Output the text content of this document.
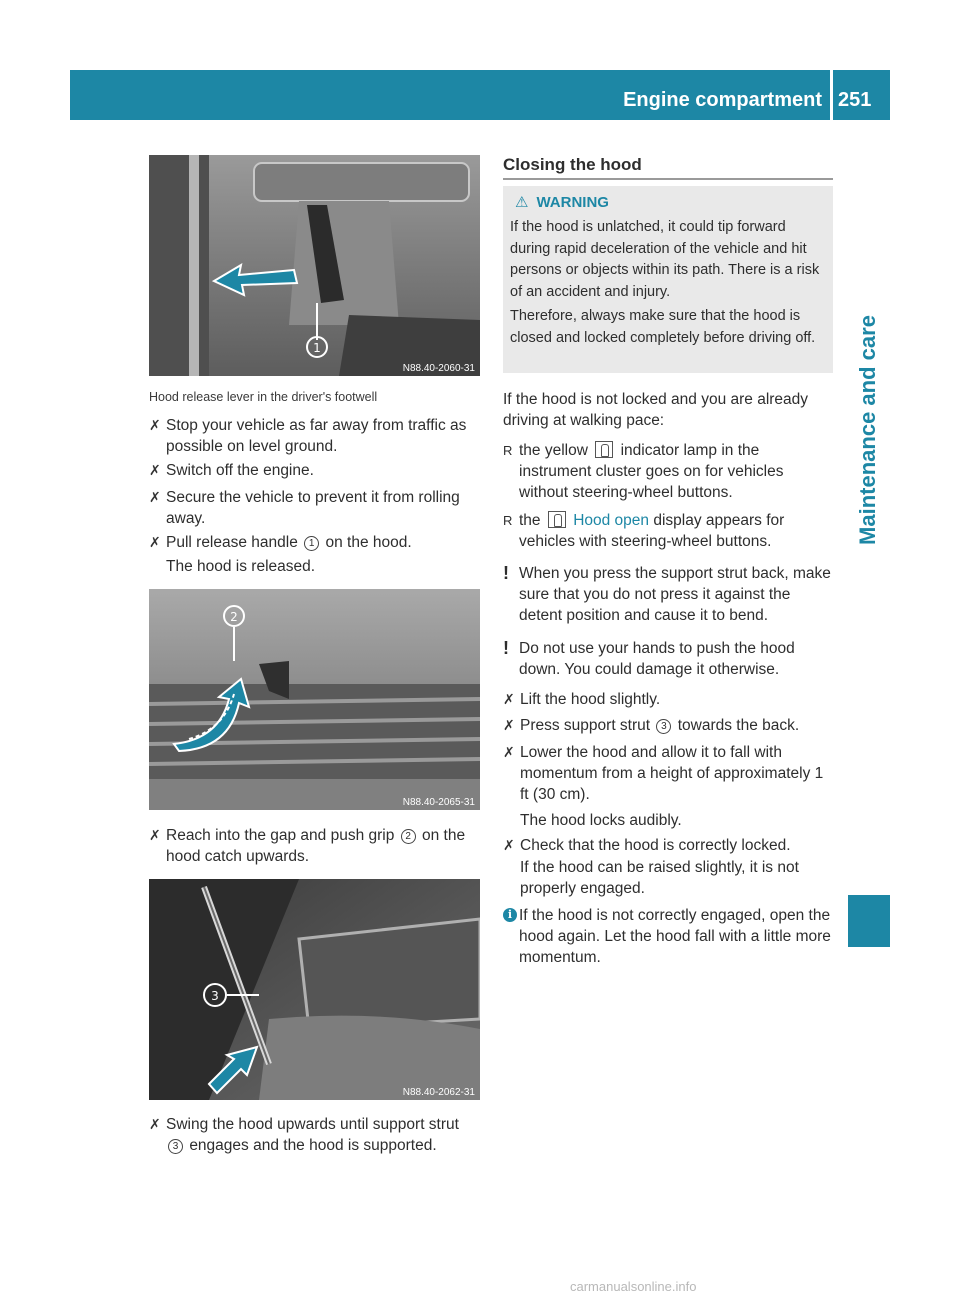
Engine compartment 251
Maintenance and care
1
N88.40-2060-31
Hood release lever in the driver's footwell
✗ Stop your vehicle as far away from traffic as possible on level ground.
✗ Switch off the engine.
✗ Secure the vehicle to prevent it from rolling away.
✗ Pull release handle 1 on the hood.
The hood is released.
2
N88.40-2065-31
✗ Reach into the gap and push grip 2 on the hood catch upwards.
3
N88.40-2062-31
✗ Swing the hood upwards until support strut 3 engages and the hood is supported.
Closing the hood
⚠ WARNING
If the hood is unlatched, it could tip forward during rapid deceleration of the vehicle and hit persons or objects within its path. There is a risk of an accident and injury.
Therefore, always make sure that the hood is closed and locked completely before driving off.
If the hood is not locked and you are already driving at walking pace:
R the yellow indicator lamp in the instrument cluster goes on for vehicles without steering-wheel buttons.
R the Hood open display appears for vehicles with steering-wheel buttons.
! When you press the support strut back, make sure that you do not press it against the detent position and cause it to bend.
! Do not use your hands to push the hood down. You could damage it otherwise.
✗ Lift the hood slightly.
✗ Press support strut 3 towards the back.
✗ Lower the hood and allow it to fall with momentum from a height of approximately 1 ft (30 cm).
The hood locks audibly.
✗ Check that the hood is correctly locked.
If the hood can be raised slightly, it is not properly engaged.
i If the hood is not correctly engaged, open the hood again. Let the hood fall with a little more momentum.
carmanualsonline.info
